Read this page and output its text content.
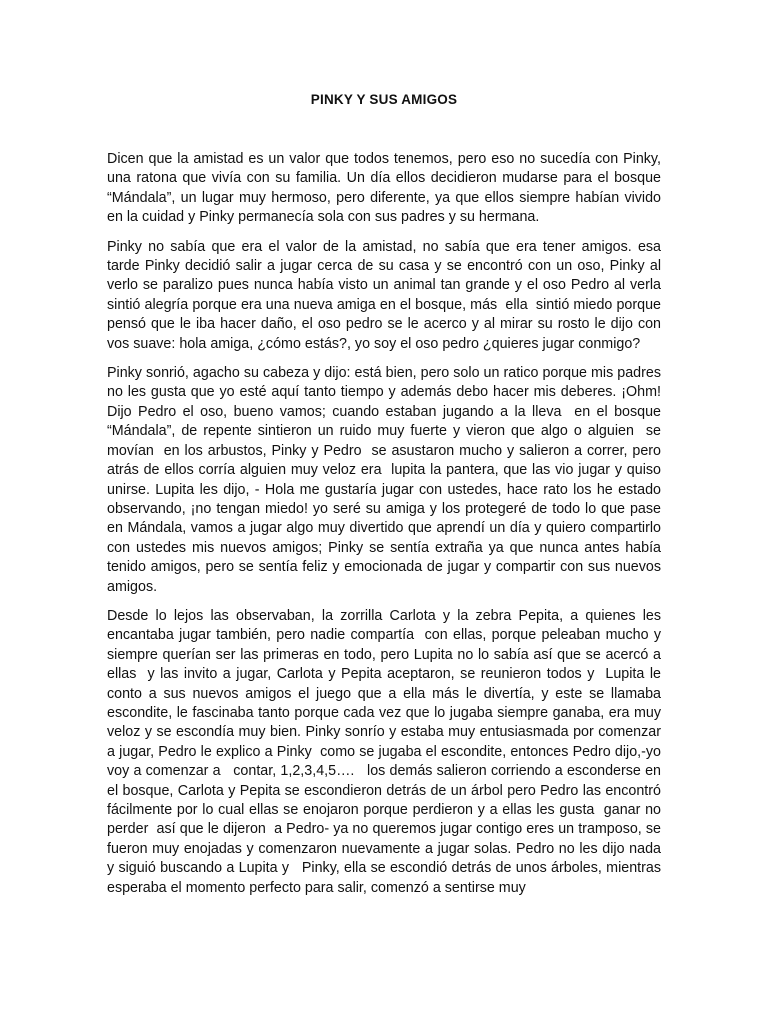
PINKY Y SUS AMIGOS

Dicen que la amistad es un valor que todos tenemos, pero eso no sucedía con Pinky, una ratona que vivía con su familia. Un día ellos decidieron mudarse para el bosque “Mándala”, un lugar muy hermoso, pero diferente, ya que ellos siempre habían vivido en la cuidad y Pinky permanecía sola con sus padres y su hermana.

Pinky no sabía que era el valor de la amistad, no sabía que era tener amigos. esa tarde Pinky decidió salir a jugar cerca de su casa y se encontró con un oso, Pinky al verlo se paralizo pues nunca había visto un animal tan grande y el oso Pedro al verla sintió alegría porque era una nueva amiga en el bosque, más  ella  sintió miedo porque pensó que le iba hacer daño, el oso pedro se le acerco y al mirar su rosto le dijo con vos suave: hola amiga, ¿cómo estás?, yo soy el oso pedro ¿quieres jugar conmigo?

Pinky sonrió, agacho su cabeza y dijo: está bien, pero solo un ratico porque mis padres no les gusta que yo esté aquí tanto tiempo y además debo hacer mis deberes. ¡Ohm!  Dijo Pedro el oso, bueno vamos; cuando estaban jugando a la lleva  en el bosque “Mándala”, de repente sintieron un ruido muy fuerte y vieron que algo o alguien  se movían  en los arbustos, Pinky y Pedro  se asustaron mucho y salieron a correr, pero atrás de ellos corría alguien muy veloz era  lupita la pantera, que las vio jugar y quiso unirse. Lupita les dijo, - Hola me gustaría jugar con ustedes, hace rato los he estado observando, ¡no tengan miedo! yo seré su amiga y los protegeré de todo lo que pase en Mándala, vamos a jugar algo muy divertido que aprendí un día y quiero compartirlo con ustedes mis nuevos amigos; Pinky se sentía extraña ya que nunca antes había tenido amigos, pero se sentía feliz y emocionada de jugar y compartir con sus nuevos amigos.

Desde lo lejos las observaban, la zorrilla Carlota y la zebra Pepita, a quienes les encantaba jugar también, pero nadie compartía  con ellas, porque peleaban mucho y siempre querían ser las primeras en todo, pero Lupita no lo sabía así que se acercó a ellas  y las invito a jugar, Carlota y Pepita aceptaron, se reunieron todos y  Lupita le conto a sus nuevos amigos el juego que a ella más le divertía, y este se llamaba escondite, le fascinaba tanto porque cada vez que lo jugaba siempre ganaba, era muy veloz y se escondía muy bien. Pinky sonrío y estaba muy entusiasmada por comenzar a jugar, Pedro le explico a Pinky  como se jugaba el escondite, entonces Pedro dijo,-yo voy a comenzar a   contar, 1,2,3,4,5….   los demás salieron corriendo a esconderse en el bosque, Carlota y Pepita se escondieron detrás de un árbol pero Pedro las encontró fácilmente por lo cual ellas se enojaron porque perdieron y a ellas les gusta  ganar no perder  así que le dijeron  a Pedro- ya no queremos jugar contigo eres un tramposo, se fueron muy enojadas y comenzaron nuevamente a jugar solas. Pedro no les dijo nada y siguió buscando a Lupita y   Pinky, ella se escondió detrás de unos árboles, mientras esperaba el momento perfecto para salir, comenzó a sentirse muy
